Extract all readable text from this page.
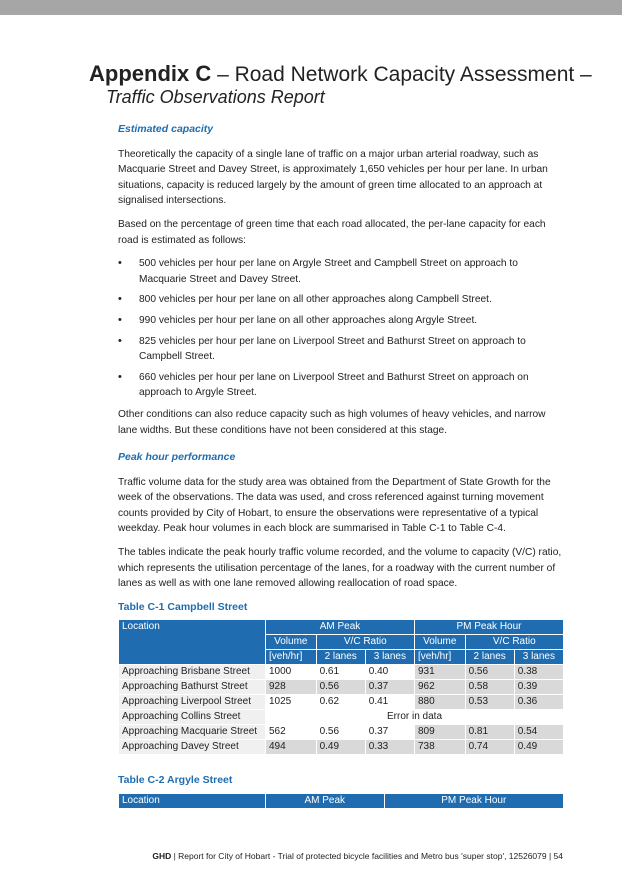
Appendix C – Road Network Capacity Assessment –
Traffic Observations Report
Estimated capacity

Theoretically the capacity of a single lane of traffic on a major urban arterial roadway, such as Macquarie Street and Davey Street, is approximately 1,650 vehicles per hour per lane. In urban situations, capacity is reduced largely by the amount of green time allocated to an approach at signalised intersections.

Based on the percentage of green time that each road allocated, the per-lane capacity for each road is estimated as follows:

• 500 vehicles per hour per lane on Argyle Street and Campbell Street on approach to Macquarie Street and Davey Street.
• 800 vehicles per hour per lane on all other approaches along Campbell Street.
• 990 vehicles per hour per lane on all other approaches along Argyle Street.
• 825 vehicles per hour per lane on Liverpool Street and Bathurst Street on approach to Campbell Street.
• 660 vehicles per hour per lane on Liverpool Street and Bathurst Street on approach on approach to Argyle Street.

Other conditions can also reduce capacity such as high volumes of heavy vehicles, and narrow lane widths. But these conditions have not been considered at this stage.

Peak hour performance

Traffic volume data for the study area was obtained from the Department of State Growth for the week of the observations. The data was used, and cross referenced against turning movement counts provided by City of Hobart, to ensure the observations were representative of a typical weekday. Peak hour volumes in each block are summarised in Table C-1 to Table C-4.

The tables indicate the peak hourly traffic volume recorded, and the volume to capacity (V/C) ratio, which represents the utilisation percentage of the lanes, for a roadway with the current number of lanes as well as with one lane removed allowing reallocation of road space.

Table C-1 Campbell Street
Location	AM Peak			PM Peak Hour		
	Volume	V/C Ratio		Volume	V/C Ratio	
	[veh/hr]	2 lanes	3 lanes	[veh/hr]	2 lanes	3 lanes
Approaching Brisbane Street	1000	0.61	0.40	931	0.56	0.38
Approaching Bathurst Street	928	0.56	0.37	962	0.58	0.39
Approaching Liverpool Street	1025	0.62	0.41	880	0.53	0.36
Approaching Collins Street	Error in data					
Approaching Macquarie Street	562	0.56	0.37	809	0.81	0.54
Approaching Davey Street	494	0.49	0.33	738	0.74	0.49
Table C-2 Argyle Street
Location	AM Peak	PM Peak Hour
GHD | Report for City of Hobart - Trial of protected bicycle facilities and Metro bus 'super stop', 12526079 | 54
